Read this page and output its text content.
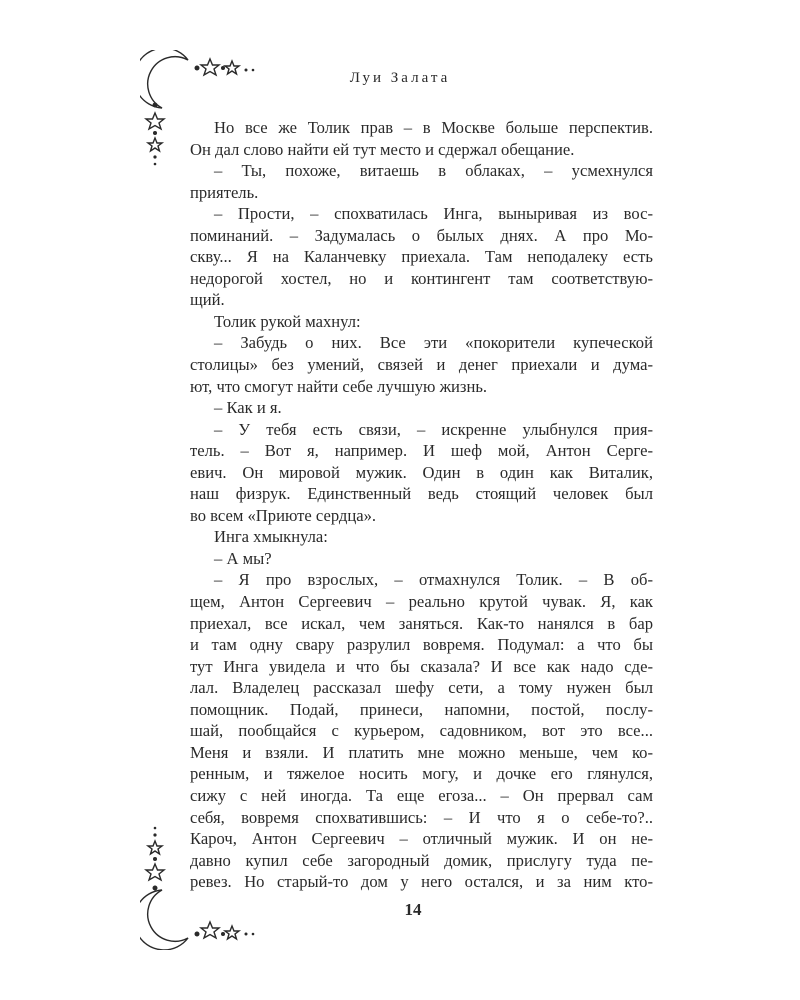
Луи Залата
Но все же Толик прав – в Москве больше перспектив.
Он дал слово найти ей тут место и сдержал обещание.
– Ты, похоже, витаешь в облаках, – усмехнулся
приятель.
– Прости, – спохватилась Инга, выныривая из вос-
поминаний. – Задумалась о былых днях. А про Мо-
скву... Я на Каланчевку приехала. Там неподалеку есть
недорогой хостел, но и контингент там соответствую-
щий.
Толик рукой махнул:
– Забудь о них. Все эти «покорители купеческой
столицы» без умений, связей и денег приехали и дума-
ют, что смогут найти себе лучшую жизнь.
– Как и я.
– У тебя есть связи, – искренне улыбнулся прия-
тель. – Вот я, например. И шеф мой, Антон Серге-
евич. Он мировой мужик. Один в один как Виталик,
наш физрук. Единственный ведь стоящий человек был
во всем «Приюте сердца».
Инга хмыкнула:
– А мы?
– Я про взрослых, – отмахнулся Толик. – В об-
щем, Антон Сергеевич – реально крутой чувак. Я, как
приехал, все искал, чем заняться. Как-то нанялся в бар
и там одну свару разрулил вовремя. Подумал: а что бы
тут Инга увидела и что бы сказала? И все как надо сде-
лал. Владелец рассказал шефу сети, а тому нужен был
помощник. Подай, принеси, напомни, постой, послу-
шай, пообщайся с курьером, садовником, вот это все...
Меня и взяли. И платить мне можно меньше, чем ко-
ренным, и тяжелое носить могу, и дочке его глянулся,
сижу с ней иногда. Та еще егоза... – Он прервал сам
себя, вовремя спохватившись: – И что я о себе-то?..
Кароч, Антон Сергеевич – отличный мужик. И он не-
давно купил себе загородный домик, прислугу туда пе-
ревез. Но старый-то дом у него остался, и за ним кто-
14
